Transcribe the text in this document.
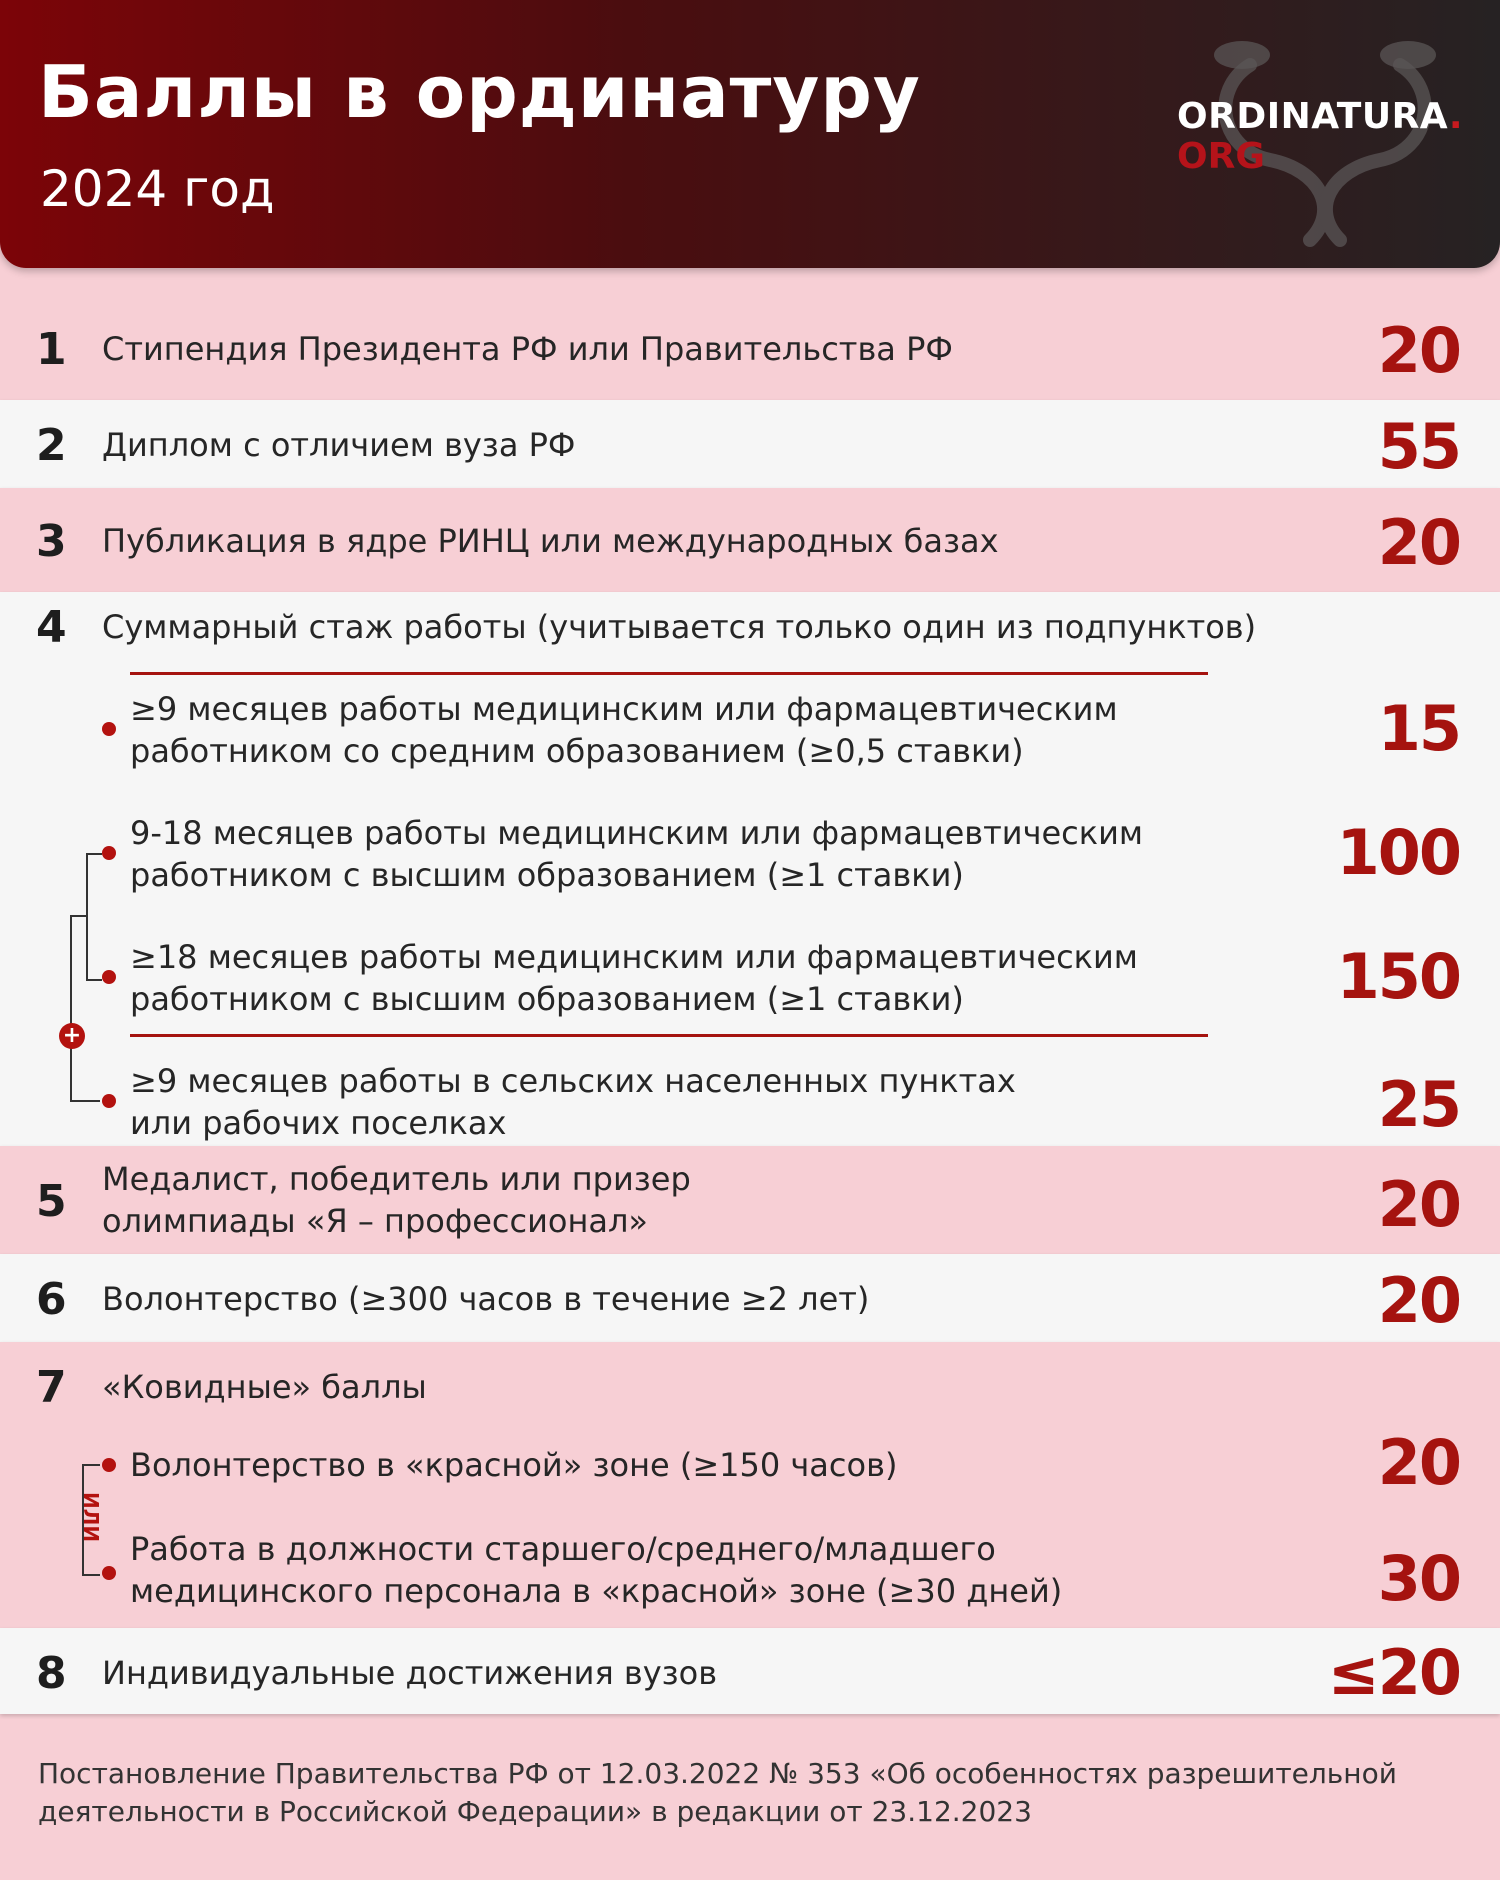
Баллы в ординатуру
2024 год
ORDINATURA.
ORG
1 Стипендия Президента РФ или Правительства РФ	20
2 Диплом с отличием вуза РФ	55
3 Публикация в ядре РИНЦ или международных базах	20
4 Суммарный стаж работы (учитывается только один из подпунктов)
≥9 месяцев работы медицинским или фармацевтическим
работником со средним образованием (≥0,5 ставки)	15
9-18 месяцев работы медицинским или фармацевтическим
работником с высшим образованием (≥1 ставки)	100
≥18 месяцев работы медицинским или фармацевтическим
работником с высшим образованием (≥1 ставки)	150
≥9 месяцев работы в сельских населенных пунктах
или рабочих поселках	25
+
5 Медалист, победитель или призер
олимпиады «Я – профессионал»	20
6 Волонтерство (≥300 часов в течение ≥2 лет)	20
7 «Ковидные» баллы
Волонтерство в «красной» зоне (≥150 часов)	20
Работа в должности старшего/среднего/младшего
медицинского персонала в «красной» зоне (≥30 дней)	30
ИЛИ
8 Индивидуальные достижения вузов	≤20
Постановление Правительства РФ от 12.03.2022 № 353 «Об особенностях разрешительной
деятельности в Российской Федерации» в редакции от 23.12.2023
